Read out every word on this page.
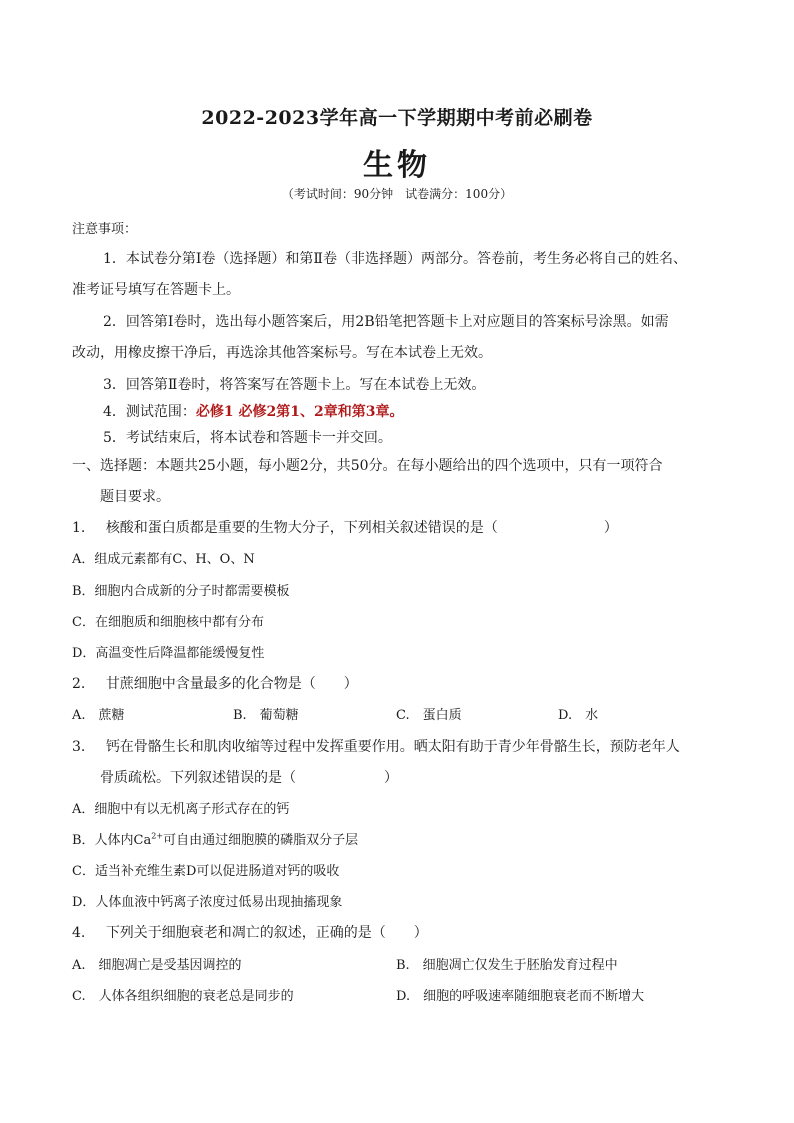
2022-2023学年高一下学期期中考前必刷卷
生物
（考试时间：90分钟　试卷满分：100分）
注意事项：
1．本试卷分第Ⅰ卷（选择题）和第Ⅱ卷（非选择题）两部分。答卷前，考生务必将自己的姓名、
准考证号填写在答题卡上。
2．回答第Ⅰ卷时，选出每小题答案后，用2B铅笔把答题卡上对应题目的答案标号涂黑。如需
改动，用橡皮擦干净后，再选涂其他答案标号。写在本试卷上无效。
3．回答第Ⅱ卷时，将答案写在答题卡上。写在本试卷上无效。
4．测试范围：必修1 必修2第1、2章和第3章。
5．考试结束后，将本试卷和答题卡一并交回。
一、选择题：本题共25小题，每小题2分，共50分。在每小题给出的四个选项中，只有一项符合
题目要求。
1. 核酸和蛋白质都是重要的生物大分子，下列相关叙述错误的是（	）
A．组成元素都有C、H、O、N
B．细胞内合成新的分子时都需要模板
C．在细胞质和细胞核中都有分布
D．高温变性后降温都能缓慢复性
2. 甘蔗细胞中含量最多的化合物是（　　）
A.　蔗糖	B.　葡萄糖	C.　蛋白质	D.　水
3. 钙在骨骼生长和肌肉收缩等过程中发挥重要作用。晒太阳有助于青少年骨骼生长，预防老年人
骨质疏松。下列叙述错误的是（	）
A．细胞中有以无机离子形式存在的钙
B．人体内$Ca^{2+}$可自由通过细胞膜的磷脂双分子层
C．适当补充维生素D可以促进肠道对钙的吸收
D．人体血液中钙离子浓度过低易出现抽搐现象
4. 下列关于细胞衰老和凋亡的叙述，正确的是（　　）
A.　细胞凋亡是受基因调控的	B.　细胞凋亡仅发生于胚胎发育过程中
C.　人体各组织细胞的衰老总是同步的	D.　细胞的呼吸速率随细胞衰老而不断增大
